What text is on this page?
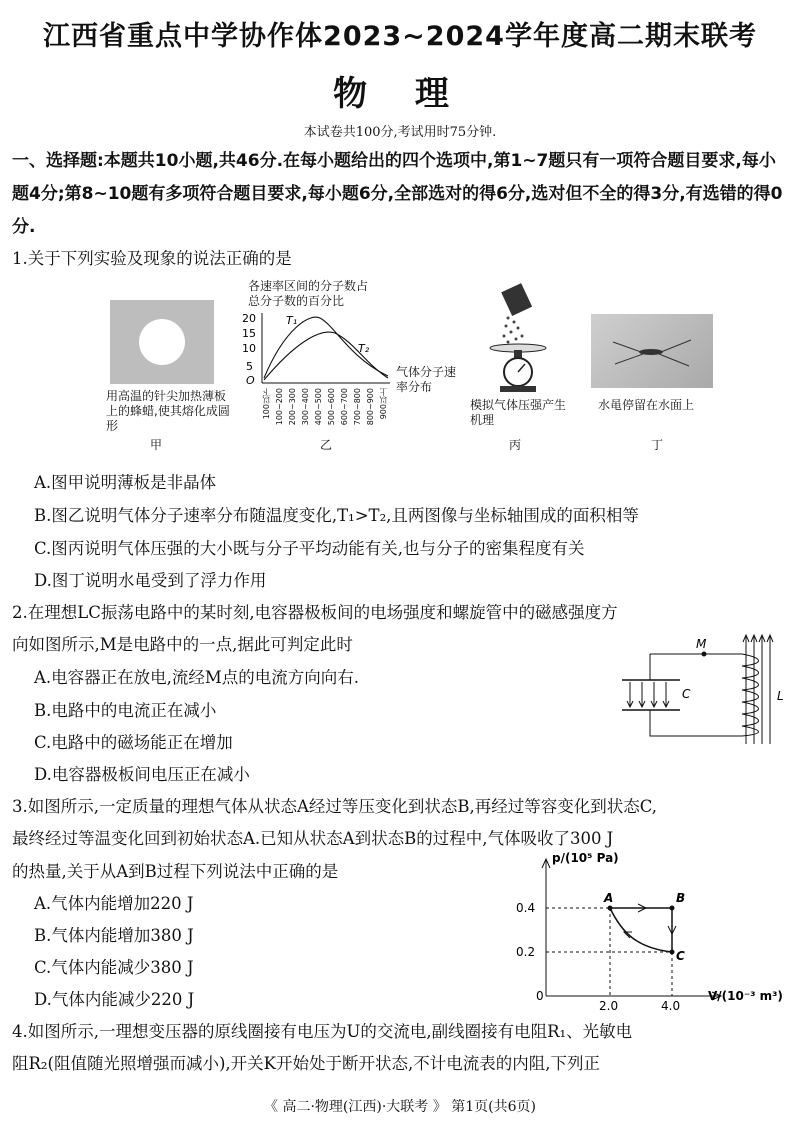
江西省重点中学协作体2023~2024学年度高二期末联考
物 理
本试卷共100分,考试用时75分钟.
一、选择题:本题共10小题,共46分.在每小题给出的四个选项中,第1~7题只有一项符合题目要求,每小题4分;第8~10题有多项符合题目要求,每小题6分,全部选对的得6分,选对但不全的得3分,有选错的得0分.
1.关于下列实验及现象的说法正确的是
用高温的针尖加热薄板上的蜂蜡,使其熔化成圆形
甲
各速率区间的分子数占总分子数的百分比
20
15
10
5
O
T₁
T₂
气体分子速率分布
100以下 100~200 200~300 300~400 400~500 500~600 600~700 700~800 800~900 900以上
乙
模拟气体压强产生机理
丙
水黾停留在水面上
丁
A.图甲说明薄板是非晶体
B.图乙说明气体分子速率分布随温度变化,T₁>T₂,且两图像与坐标轴围成的面积相等
C.图丙说明气体压强的大小既与分子平均动能有关,也与分子的密集程度有关
D.图丁说明水黾受到了浮力作用
2.在理想LC振荡电路中的某时刻,电容器极板间的电场强度和螺旋管中的磁感强度方
向如图所示,M是电路中的一点,据此可判定此时	M
C	L
A.电容器正在放电,流经M点的电流方向向右.
B.电路中的电流正在减小
C.电路中的磁场能正在增加
D.电容器极板间电压正在减小
3.如图所示,一定质量的理想气体从状态A经过等压变化到状态B,再经过等容变化到状态C,
最终经过等温变化回到初始状态A.已知从状态A到状态B的过程中,气体吸收了300 J
的热量,关于从A到B过程下列说法中正确的是
p/(10⁵ Pa)
V/(10⁻³ m³)
0
0.4
0.2
2.0	4.0
A	B
C
A.气体内能增加220 J
B.气体内能增加380 J
C.气体内能减少380 J
D.气体内能减少220 J
4.如图所示,一理想变压器的原线圈接有电压为U的交流电,副线圈接有电阻R₁、光敏电
阻R₂(阻值随光照增强而减小),开关K开始处于断开状态,不计电流表的内阻,下列正
《 高二·物理(江西)·大联考 》 第1页(共6页)
